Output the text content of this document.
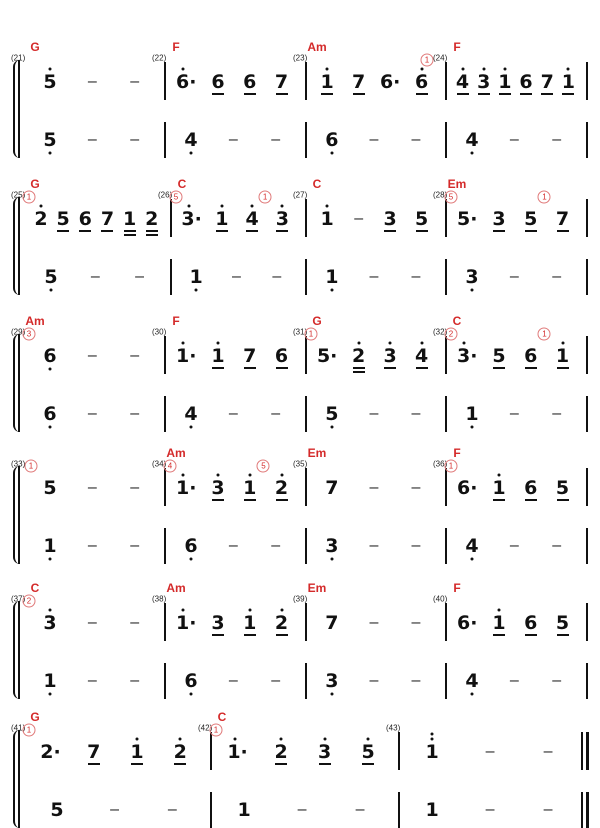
(21)
G
5 – –
5 – –
(22)
F
6· 6 6 7
4 – –
(23)
Am
1 7 6· 6
6 – –
(24)
F
1
4 3 1 6 7 1
4 – –
(25)
G
1
2 5 6 7 1 2
5 – –
(26)
C
5	1
3· 1 4 3
1 – –
(27)
C
1 – 3 5
1 – –
(28)
Em
5	1
5· 3 5 7
3 – –
(29)
Am
3
6 – –
6 – –
(30)
F
1· 1 7 6
4 – –
(31)
G
1
5· 2 3 4
5 – –
(32)
C
2	1
3· 5 6 1
1 – –
(33) 1
5 – –
1 – –
(34)
Am
4	5
1· 3 1 2
6 – –
(35)
Em
7 – –
3 – –
(36)
F
1
6· 1 6 5
4 – –
(37)
C
2
3 – –
1 – –
(38)
Am
1· 3 1 2
6 – –
(39)
Em
7 – –
3 – –
(40)
F
6· 1 6 5
4 – –
(41)
G
1
2· 7 1 2
5	–	–
(42)
C
1
1· 2 3 5
1	–	–
(43)
1	–	–
1	–	–
